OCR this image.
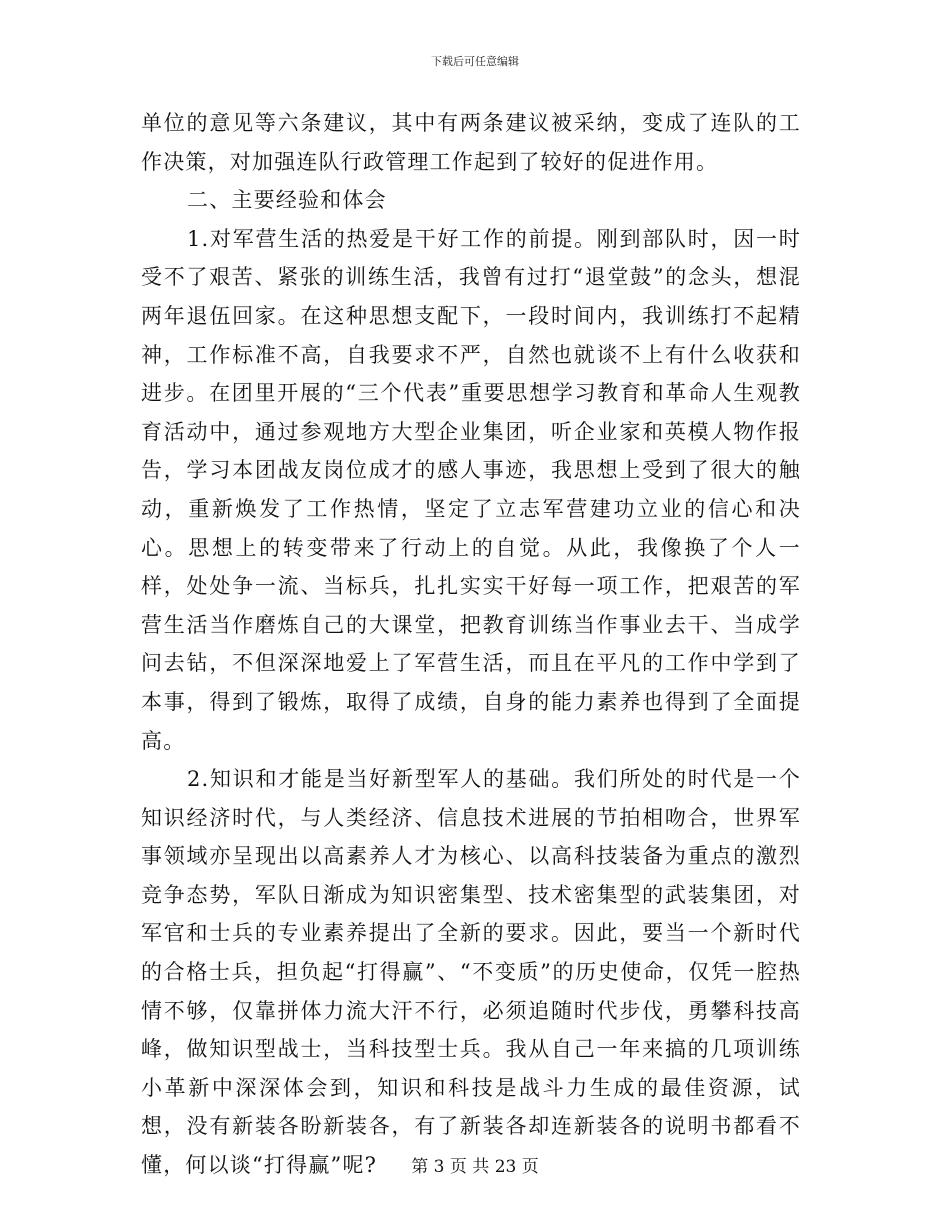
下载后可任意编辑

单位的意见等六条建议，其中有两条建议被采纳，变成了连队的工作决策，对加强连队行政管理工作起到了较好的促进作用。

二、主要经验和体会

1.对军营生活的热爱是干好工作的前提。刚到部队时，因一时受不了艰苦、紧张的训练生活，我曾有过打“退堂鼓”的念头，想混两年退伍回家。在这种思想支配下，一段时间内，我训练打不起精神，工作标准不高，自我要求不严，自然也就谈不上有什么收获和进步。在团里开展的“三个代表”重要思想学习教育和革命人生观教育活动中，通过参观地方大型企业集团，听企业家和英模人物作报告，学习本团战友岗位成才的感人事迹，我思想上受到了很大的触动，重新焕发了工作热情，坚定了立志军营建功立业的信心和决心。思想上的转变带来了行动上的自觉。从此，我像换了个人一样，处处争一流、当标兵，扎扎实实干好每一项工作，把艰苦的军营生活当作磨炼自己的大课堂，把教育训练当作事业去干、当成学问去钻，不但深深地爱上了军营生活，而且在平凡的工作中学到了本事，得到了锻炼，取得了成绩，自身的能力素养也得到了全面提高。

2.知识和才能是当好新型军人的基础。我们所处的时代是一个知识经济时代，与人类经济、信息技术进展的节拍相吻合，世界军事领域亦呈现出以高素养人才为核心、以高科技装备为重点的激烈竞争态势，军队日渐成为知识密集型、技术密集型的武装集团，对军官和士兵的专业素养提出了全新的要求。因此，要当一个新时代的合格士兵，担负起“打得赢”、“不变质”的历史使命，仅凭一腔热情不够，仅靠拼体力流大汗不行，必须追随时代步伐，勇攀科技高峰，做知识型战士，当科技型士兵。我从自己一年来搞的几项训练小革新中深深体会到，知识和科技是战斗力生成的最佳资源，试想，没有新装各盼新装各，有了新装各却连新装各的说明书都看不懂，何以谈“打得赢”呢?	第 3 页 共 23 页
